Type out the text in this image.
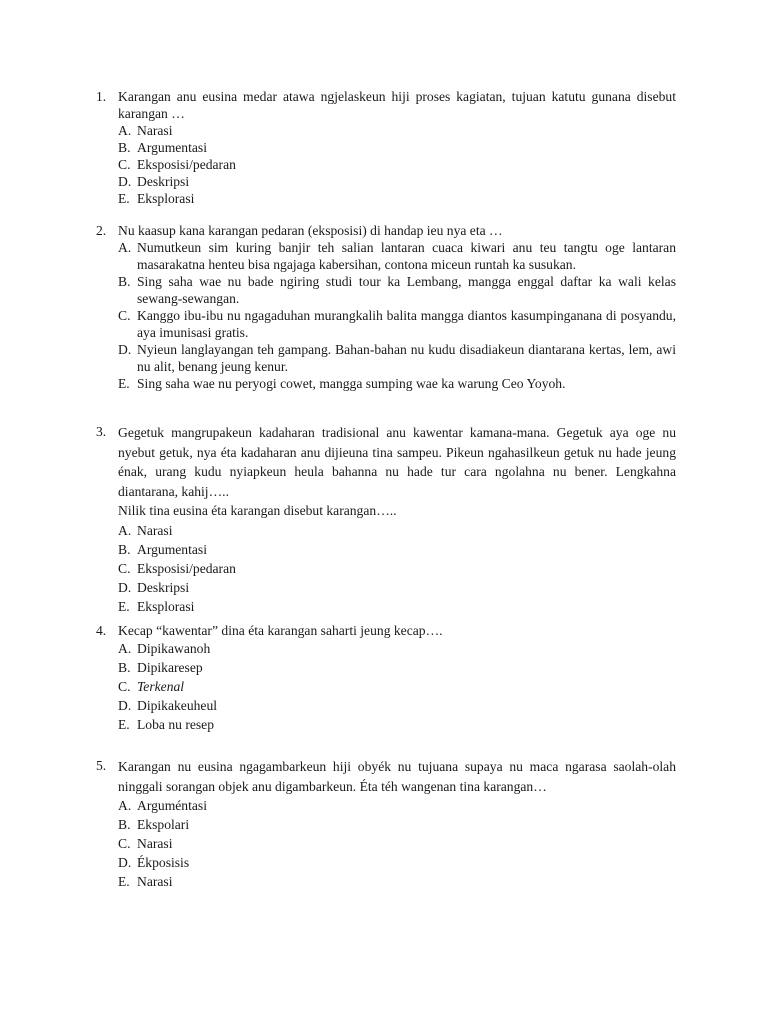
1. Karangan anu eusina medar atawa ngjelaskeun hiji proses kagiatan, tujuan katutu gunana disebut karangan …
A. Narasi
B. Argumentasi
C. Eksposisi/pedaran
D. Deskripsi
E. Eksplorasi
2. Nu kaasup kana karangan pedaran (eksposisi) di handap ieu nya eta …
A. Numutkeun sim kuring banjir teh salian lantaran cuaca kiwari anu teu tangtu oge lantaran masarakatna henteu bisa ngajaga kabersihan, contona miceun runtah ka susukan.
B. Sing saha wae nu bade ngiring studi tour ka Lembang, mangga enggal daftar ka wali kelas sewang-sewangan.
C. Kanggo ibu-ibu nu ngagaduhan murangkalih balita mangga diantos kasumpinganana di posyandu, aya imunisasi gratis.
D. Nyieun langlayangan teh gampang. Bahan-bahan nu kudu disadiakeun diantarana kertas, lem, awi nu alit, benang jeung kenur.
E. Sing saha wae nu peryogi cowet, mangga sumping wae ka warung Ceo Yoyoh.
3. Gegetuk mangrupakeun kadaharan tradisional anu kawentar kamana-mana. Gegetuk aya oge nu nyebut getuk, nya éta kadaharan anu dijieuna tina sampeu. Pikeun ngahasilkeun getuk nu hade jeung énak, urang kudu nyiapkeun heula bahanna nu hade tur cara ngolahna nu bener. Lengkahna diantarana, kahij…..
Nilik tina eusina éta karangan disebut karangan…..
A. Narasi
B. Argumentasi
C. Eksposisi/pedaran
D. Deskripsi
E. Eksplorasi
4. Kecap “kawentar” dina éta karangan saharti jeung kecap….
A. Dipikawanoh
B. Dipikaresep
C. Terkenal
D. Dipikakeuheul
E. Loba nu resep
5. Karangan nu eusina ngagambarkeun hiji obyék nu tujuana supaya nu maca ngarasa saolah-olah ninggali sorangan objek anu digambarkeun. Éta téh wangenan tina karangan…
A. Arguméntasi
B. Ekspolari
C. Narasi
D. Ékposisis
E. Narasi
